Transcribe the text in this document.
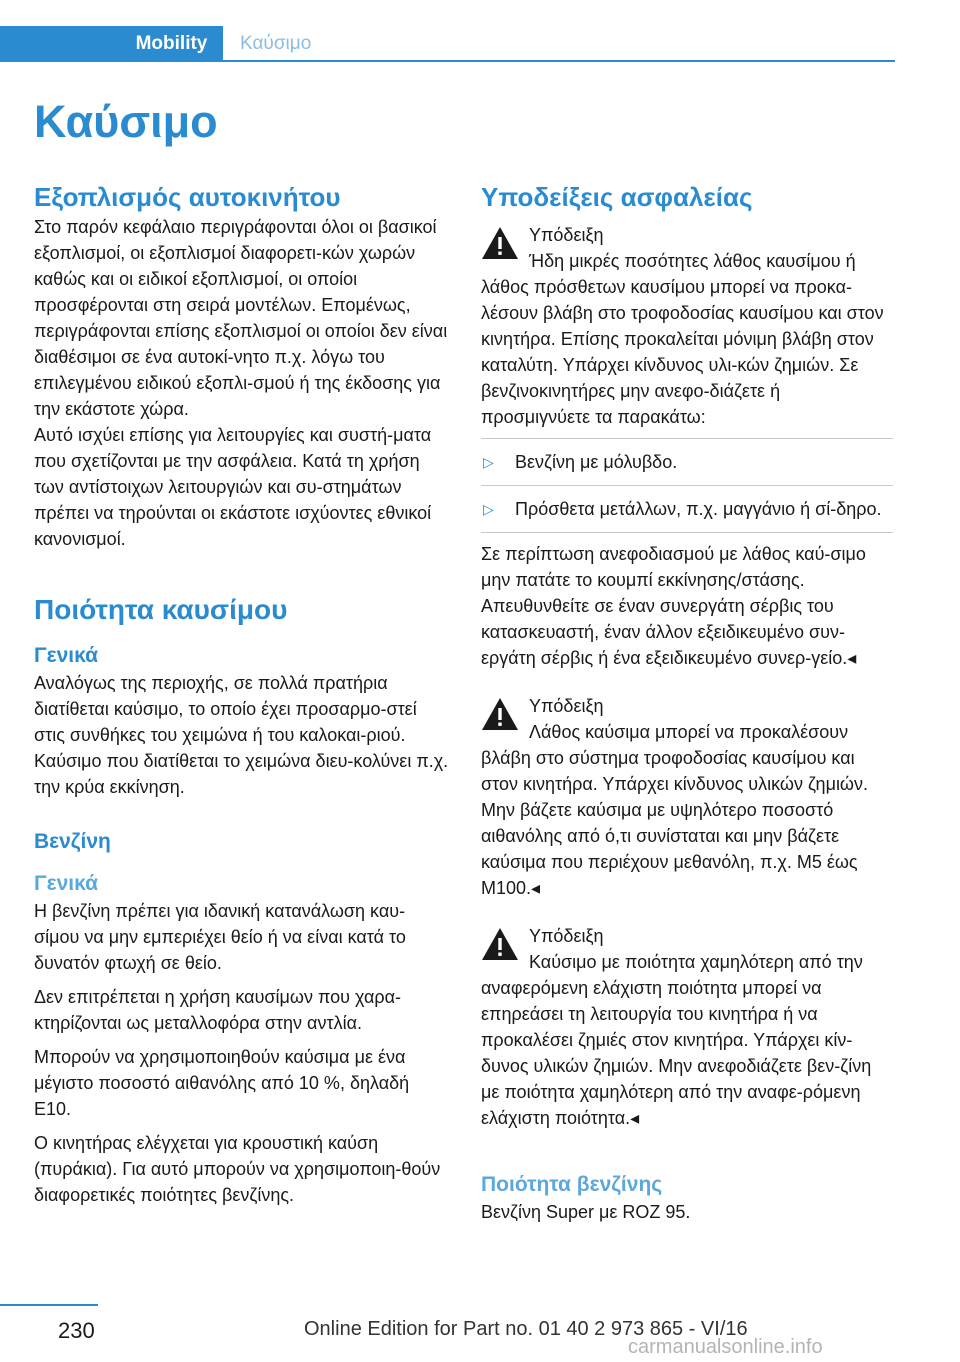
Mobility	Καύσιμο
Καύσιμο
Εξοπλισμός αυτοκινήτου

Στο παρόν κεφάλαιο περιγράφονται όλοι οι βασικοί εξοπλισμοί, οι εξοπλισμοί διαφορετι‐κών χωρών καθώς και οι ειδικοί εξοπλισμοί, οι οποίοι προσφέρονται στη σειρά μοντέλων. Επομένως, περιγράφονται επίσης εξοπλισμοί οι οποίοι δεν είναι διαθέσιμοι σε ένα αυτοκί‐νητο π.χ. λόγω του επιλεγμένου ειδικού εξοπλι‐σμού ή της έκδοσης για την εκάστοτε χώρα.

Αυτό ισχύει επίσης για λειτουργίες και συστή‐ματα που σχετίζονται με την ασφάλεια. Κατά τη χρήση των αντίστοιχων λειτουργιών και συ‐στημάτων πρέπει να τηρούνται οι εκάστοτε ισχύοντες εθνικοί κανονισμοί.

Ποιότητα καυσίμου
Γενικά

Αναλόγως της περιοχής, σε πολλά πρατήρια διατίθεται καύσιμο, το οποίο έχει προσαρμο‐στεί στις συνθήκες του χειμώνα ή του καλοκαι‐ριού. Καύσιμο που διατίθεται το χειμώνα διευ‐κολύνει π.χ. την κρύα εκκίνηση.

Βενζίνη
Γενικά

Η βενζίνη πρέπει για ιδανική κατανάλωση καυ‐σίμου να μην εμπεριέχει θείο ή να είναι κατά το δυνατόν φτωχή σε θείο.

Δεν επιτρέπεται η χρήση καυσίμων που χαρα‐κτηρίζονται ως μεταλλοφόρα στην αντλία.

Μπορούν να χρησιμοποιηθούν καύσιμα με ένα μέγιστο ποσοστό αιθανόλης από 10 %, δηλαδή E10.

Ο κινητήρας ελέγχεται για κρουστική καύση (πυράκια). Για αυτό μπορούν να χρησιμοποιη‐θούν διαφορετικές ποιότητες βενζίνης.

Υποδείξεις ασφαλείας

Υπόδειξη

Ήδη μικρές ποσότητες λάθος καυσίμου ή λάθος πρόσθετων καυσίμου μπορεί να προκα‐λέσουν βλάβη στο τροφοδοσίας καυσίμου και στον κινητήρα. Επίσης προκαλείται μόνιμη βλάβη στον καταλύτη. Υπάρχει κίνδυνος υλι‐κών ζημιών. Σε βενζινοκινητήρες μην ανεφο‐διάζετε ή προσμιγνύετε τα παρακάτω:

▷ Βενζίνη με μόλυβδο.
▷ Πρόσθετα μετάλλων, π.χ. μαγγάνιο ή σί‐δηρο.

Σε περίπτωση ανεφοδιασμού με λάθος καύ‐σιμο μην πατάτε το κουμπί εκκίνησης/στάσης. Απευθυνθείτε σε έναν συνεργάτη σέρβις του κατασκευαστή, έναν άλλον εξειδικευμένο συν‐εργάτη σέρβις ή ένα εξειδικευμένο συνερ‐γείο.◂

Υπόδειξη

Λάθος καύσιμα μπορεί να προκαλέσουν βλάβη στο σύστημα τροφοδοσίας καυσίμου και στον κινητήρα. Υπάρχει κίνδυνος υλικών ζημιών. Μην βάζετε καύσιμα με υψηλότερο ποσοστό αιθανόλης από ό,τι συνίσταται και μην βάζετε καύσιμα που περιέχουν μεθανόλη, π.χ. M5 έως M100.◂

Υπόδειξη

Καύσιμο με ποιότητα χαμηλότερη από την αναφερόμενη ελάχιστη ποιότητα μπορεί να επηρεάσει τη λειτουργία του κινητήρα ή να προκαλέσει ζημιές στον κινητήρα. Υπάρχει κίν‐δυνος υλικών ζημιών. Μην ανεφοδιάζετε βεν‐ζίνη με ποιότητα χαμηλότερη από την αναφε‐ρόμενη ελάχιστη ποιότητα.◂

Ποιότητα βενζίνης

Βενζίνη Super με ROZ 95.

230	Online Edition for Part no. 01 40 2 973 865 - VI/16
carmanualsonline.info
